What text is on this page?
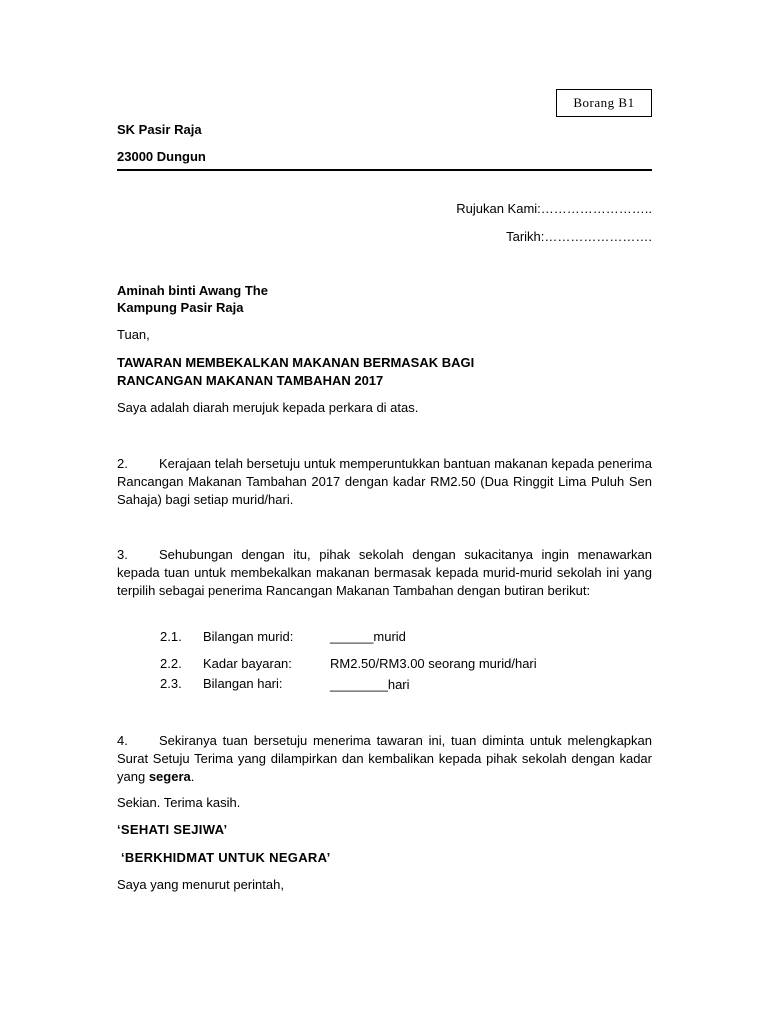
Borang B1
SK Pasir Raja
23000 Dungun
Rujukan Kami:……………………..
Tarikh:…………………….
Aminah binti Awang The
Kampung Pasir Raja
Tuan,
TAWARAN MEMBEKALKAN MAKANAN BERMASAK BAGI
RANCANGAN MAKANAN TAMBAHAN 2017
Saya adalah diarah merujuk kepada perkara di atas.
2. Kerajaan telah bersetuju untuk memperuntukkan bantuan makanan kepada penerima Rancangan Makanan Tambahan 2017 dengan kadar RM2.50 (Dua Ringgit Lima Puluh Sen Sahaja) bagi setiap murid/hari.
3. Sehubungan dengan itu, pihak sekolah dengan sukacitanya ingin menawarkan kepada tuan untuk membekalkan makanan bermasak kepada murid-murid sekolah ini yang terpilih sebagai penerima Rancangan Makanan Tambahan dengan butiran berikut:
2.1. Bilangan murid:	______murid
2.2. Kadar bayaran:	RM2.50/RM3.00 seorang murid/hari
2.3. Bilangan hari:	________hari
4. Sekiranya tuan bersetuju menerima tawaran ini, tuan diminta untuk melengkapkan Surat Setuju Terima yang dilampirkan dan kembalikan kepada pihak sekolah dengan kadar yang segera.
Sekian. Terima kasih.
‘SEHATI SEJIWA’
‘BERKHIDMAT UNTUK NEGARA’
Saya yang menurut perintah,
